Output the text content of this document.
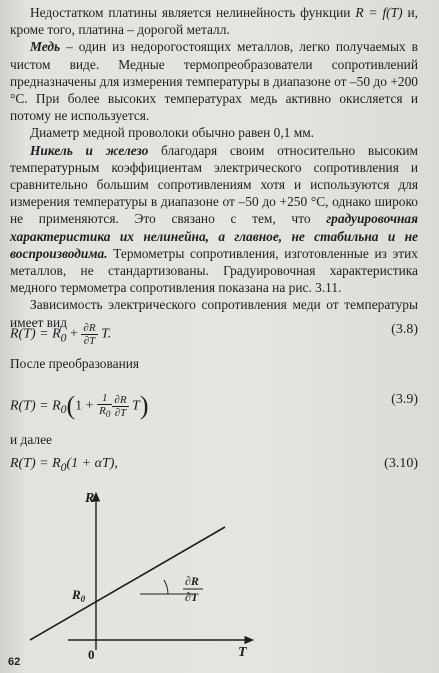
Недостатком платины является нелинейность функции R = f(T) и, кроме того, платина – дорогой металл.

Медь – один из недорогостоящих металлов, легко получаемых в чистом виде. Медные термопреобразователи сопротивлений предназначены для измерения температуры в диапазоне от –50 до +200 °С. При более высоких температурах медь активно окисляется и потому не используется.

Диаметр медной проволоки обычно равен 0,1 мм.

Никель и железо благодаря своим относительно высоким температурным коэффициентам электрического сопротивления и сравнительно большим сопротивлениям хотя и используются для измерения температуры в диапазоне от –50 до +250 °С, однако широко не применяются. Это связано с тем, что градуировочная характеристика их нелинейна, а главное, не стабильна и не воспроизводима. Термометры сопротивления, изготовленные из этих металлов, не стандартизованы. Градуировочная характеристика медного термометра сопротивления показана на рис. 3.11.

Зависимость электрического сопротивления меди от температуры имеет вид

$R(T) = R_0 + \frac{\partial R}{\partial T} T$.	(3.8)
После преобразования
$R(T) = R_0(1 + \frac{1}{R_0} \frac{\partial R}{\partial T} T)$	(3.9)
и далее
$R(T) = R_0(1 + \alpha T)$,	(3.10)
R
T
0
$R_0$
∂R
∂T
62
